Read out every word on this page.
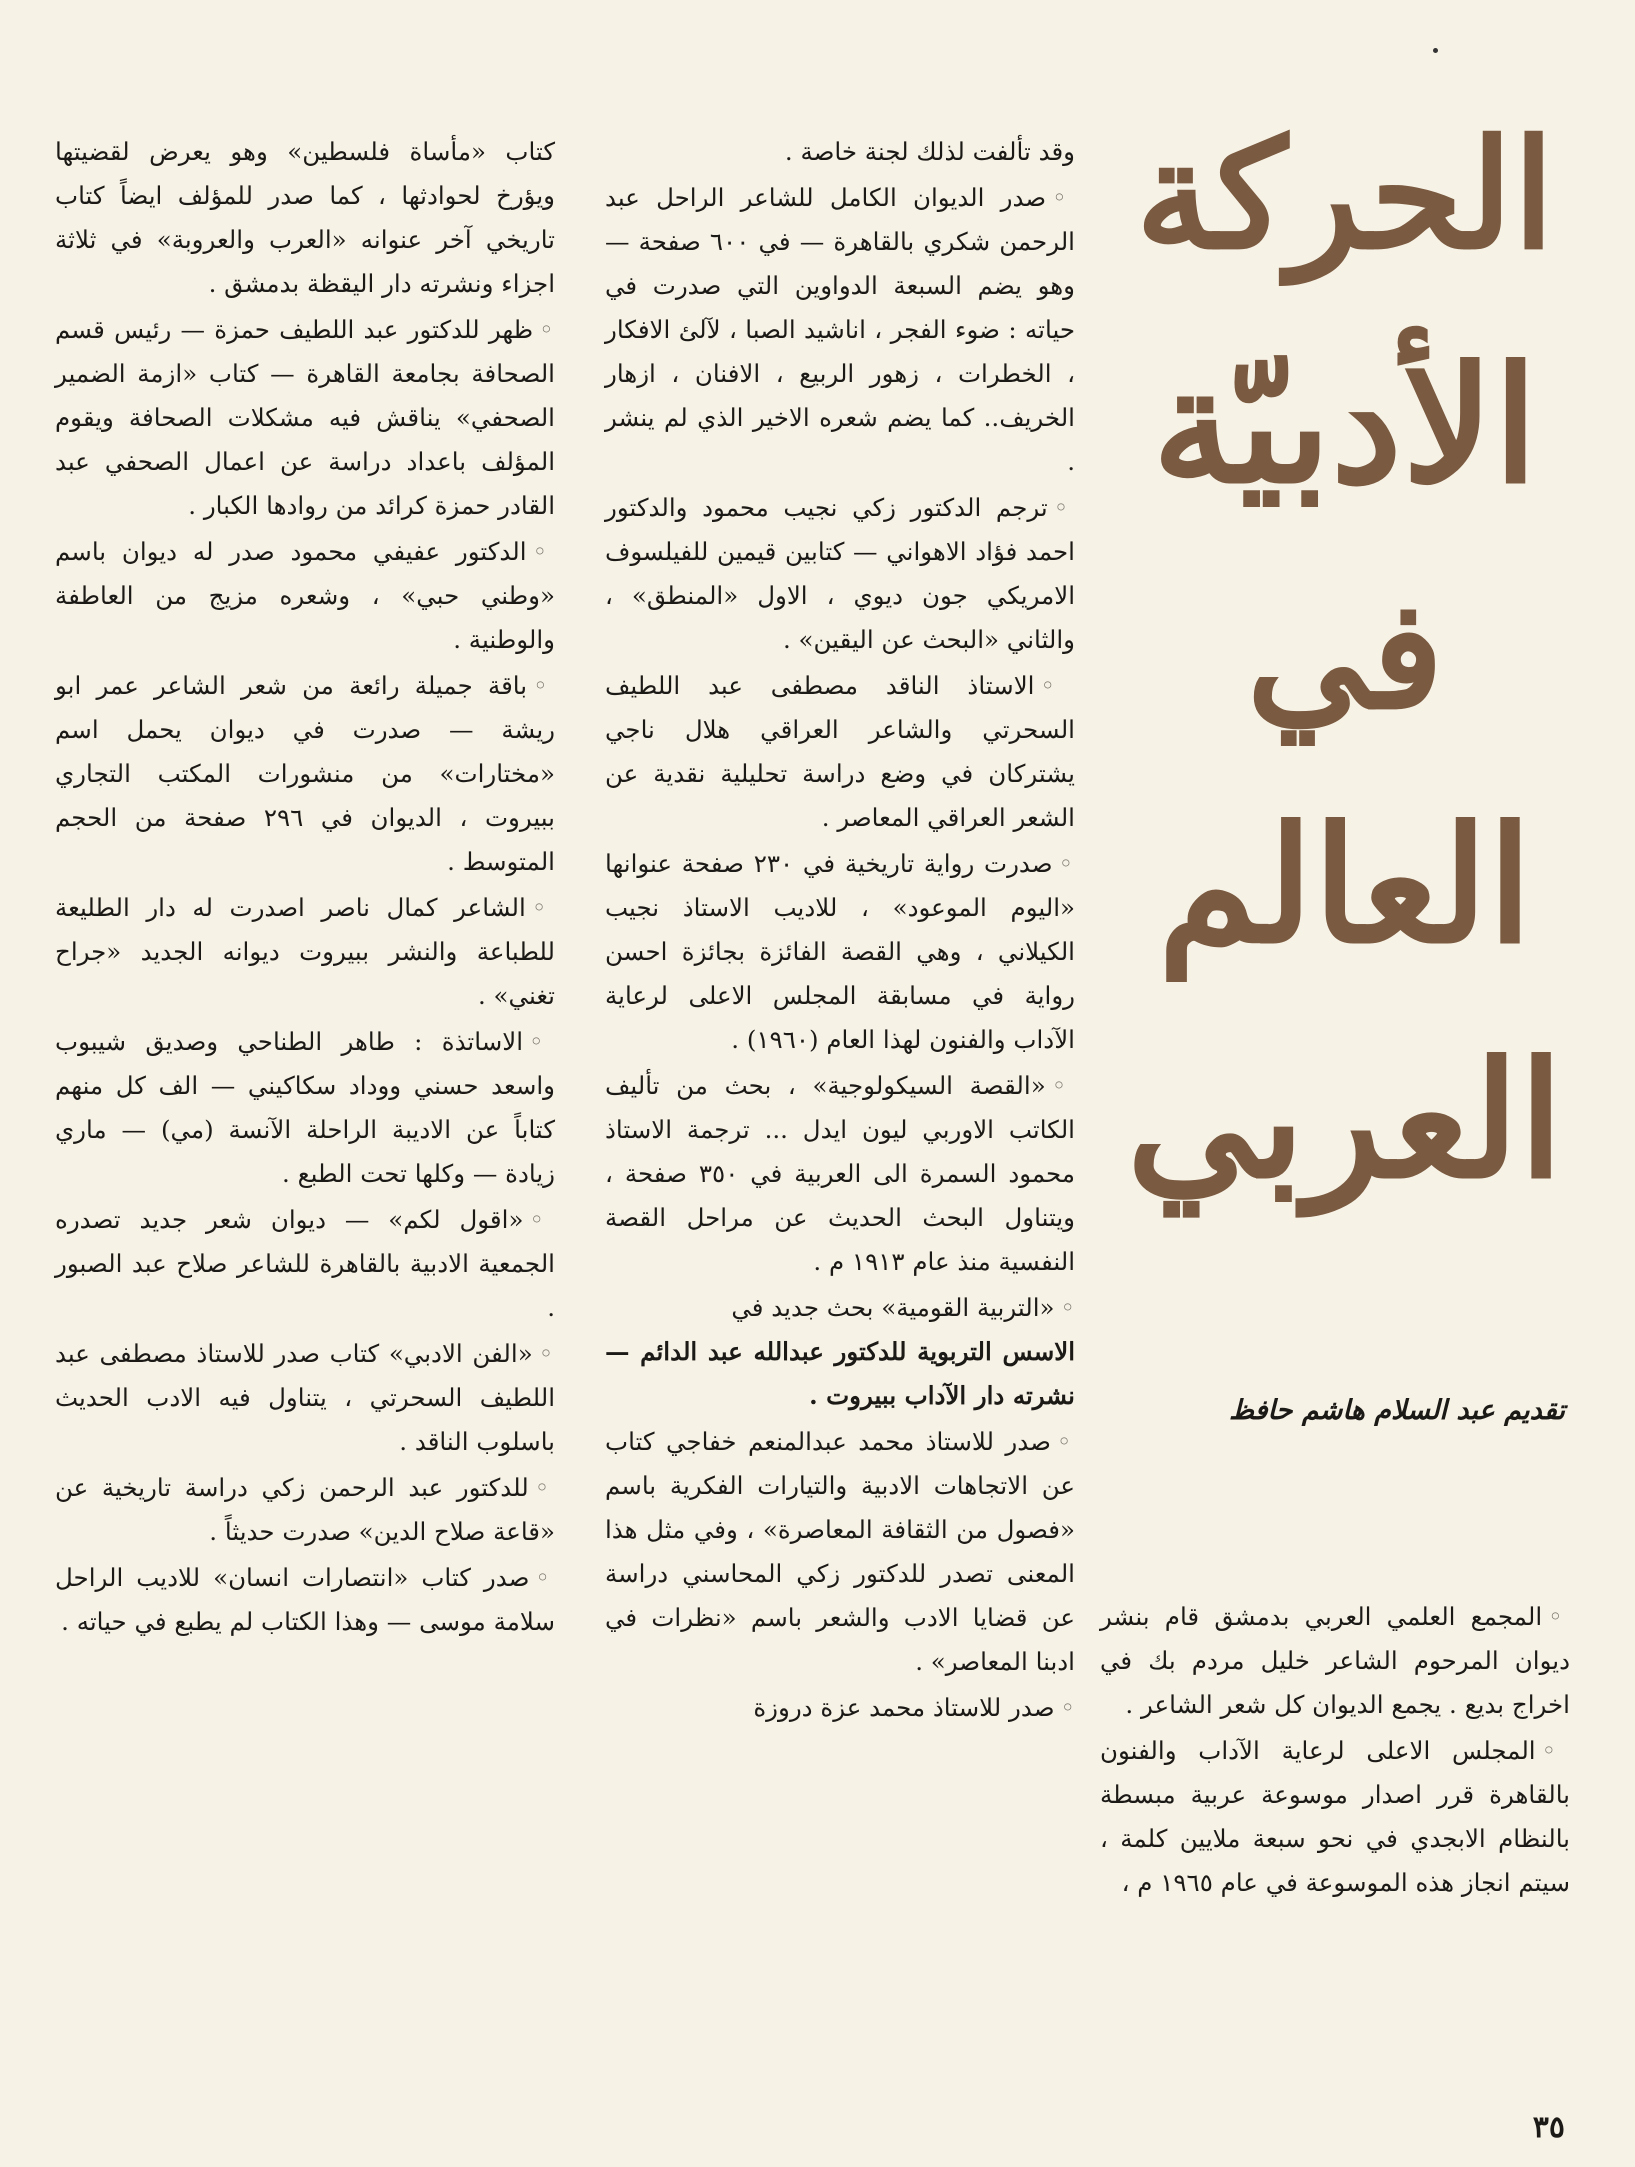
الحركة
الأدبيّة
في
العالم
العربي
تقديم عبد السلام هاشم حافظ

◦المجمع العلمي العربي بدمشق قام بنشر ديوان المرحوم الشاعر خليل مردم بك في اخراج بديع . يجمع الديوان كل شعر الشاعر .

◦المجلس الاعلى لرعاية الآداب والفنون بالقاهرة قرر اصدار موسوعة عربية مبسطة بالنظام الابجدي في نحو سبعة ملايين كلمة ، سيتم انجاز هذه الموسوعة في عام ١٩٦٥ م ،

وقد تألفت لذلك لجنة خاصة .

◦صدر الديوان الكامل للشاعر الراحل عبد الرحمن شكري بالقاهرة — في ٦٠٠ صفحة — وهو يضم السبعة الدواوين التي صدرت في حياته : ضوء الفجر ، اناشيد الصبا ، لآلئ الافكار ، الخطرات ، زهور الربيع ، الافنان ، ازهار الخريف.. كما يضم شعره الاخير الذي لم ينشر .

◦ترجم الدكتور زكي نجيب محمود والدكتور احمد فؤاد الاهواني — كتابين قيمين للفيلسوف الامريكي جون ديوي ، الاول «المنطق» ، والثاني «البحث عن اليقين» .

◦الاستاذ الناقد مصطفى عبد اللطيف السحرتي والشاعر العراقي هلال ناجي يشتركان في وضع دراسة تحليلية نقدية عن الشعر العراقي المعاصر .

◦صدرت رواية تاريخية في ٢٣٠ صفحة عنوانها «اليوم الموعود» ، للاديب الاستاذ نجيب الكيلاني ، وهي القصة الفائزة بجائزة احسن رواية في مسابقة المجلس الاعلى لرعاية الآداب والفنون لهذا العام (١٩٦٠) .

◦«القصة السيكولوجية» ، بحث من تأليف الكاتب الاوربي ليون ايدل ... ترجمة الاستاذ محمود السمرة الى العربية في ٣٥٠ صفحة ، ويتناول البحث الحديث عن مراحل القصة النفسية منذ عام ١٩١٣ م .

◦«التربية القومية» بحث جديد في

الاسس التربوية للدكتور عبدالله عبد الدائم — نشرته دار الآداب ببيروت .

◦صدر للاستاذ محمد عبدالمنعم خفاجي كتاب عن الاتجاهات الادبية والتيارات الفكرية باسم «فصول من الثقافة المعاصرة» ، وفي مثل هذا المعنى تصدر للدكتور زكي المحاسني دراسة عن قضايا الادب والشعر باسم «نظرات في ادبنا المعاصر» .

◦صدر للاستاذ محمد عزة دروزة

كتاب «مأساة فلسطين» وهو يعرض لقضيتها ويؤرخ لحوادثها ، كما صدر للمؤلف ايضاً كتاب تاريخي آخر عنوانه «العرب والعروبة» في ثلاثة اجزاء ونشرته دار اليقظة بدمشق .

◦ظهر للدكتور عبد اللطيف حمزة — رئيس قسم الصحافة بجامعة القاهرة — كتاب «ازمة الضمير الصحفي» يناقش فيه مشكلات الصحافة ويقوم المؤلف باعداد دراسة عن اعمال الصحفي عبد القادر حمزة كرائد من روادها الكبار .

◦الدكتور عفيفي محمود صدر له ديوان باسم «وطني حبي» ، وشعره مزيج من العاطفة والوطنية .

◦باقة جميلة رائعة من شعر الشاعر عمر ابو ريشة — صدرت في ديوان يحمل اسم «مختارات» من منشورات المكتب التجاري ببيروت ، الديوان في ٢٩٦ صفحة من الحجم المتوسط .

◦الشاعر كمال ناصر اصدرت له دار الطليعة للطباعة والنشر ببيروت ديوانه الجديد «جراح تغني» .

◦الاساتذة : طاهر الطناحي وصديق شيبوب واسعد حسني ووداد سكاكيني — الف كل منهم كتاباً عن الاديبة الراحلة الآنسة (مي) — ماري زيادة — وكلها تحت الطبع .

◦«اقول لكم» — ديوان شعر جديد تصدره الجمعية الادبية بالقاهرة للشاعر صلاح عبد الصبور .

◦«الفن الادبي» كتاب صدر للاستاذ مصطفى عبد اللطيف السحرتي ، يتناول فيه الادب الحديث باسلوب الناقد .

◦للدكتور عبد الرحمن زكي دراسة تاريخية عن «قاعة صلاح الدين» صدرت حديثاً .

◦صدر كتاب «انتصارات انسان» للاديب الراحل سلامة موسى — وهذا الكتاب لم يطبع في حياته .

٣٥
